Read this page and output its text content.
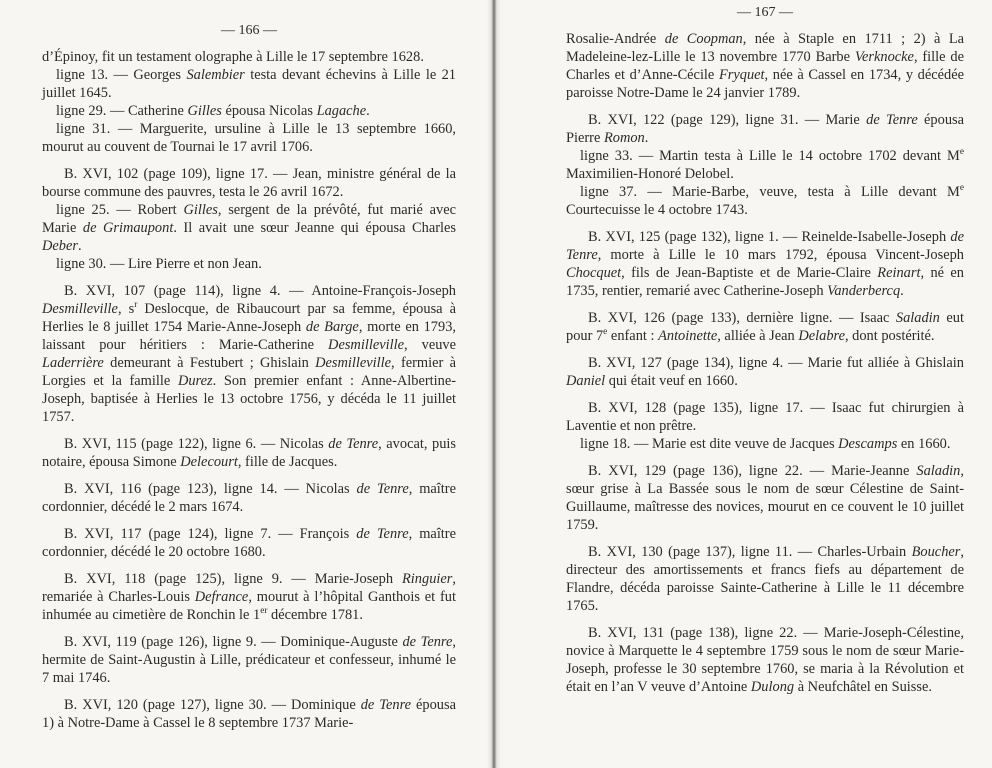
— 166 —

d’Épinoy, fit un testament olographe à Lille le 17 septembre 1628.

ligne 13. — Georges Salembier testa devant échevins à Lille le 21 juillet 1645.

ligne 29. — Catherine Gilles épousa Nicolas Lagache.

ligne 31. — Marguerite, ursuline à Lille le 13 septembre 1660, mourut au couvent de Tournai le 17 avril 1706.

B. XVI, 102 (page 109), ligne 17. — Jean, ministre général de la bourse commune des pauvres, testa le 26 avril 1672.

ligne 25. — Robert Gilles, sergent de la prévôté, fut marié avec Marie de Grimaupont. Il avait une sœur Jeanne qui épousa Charles Deber.

ligne 30. — Lire Pierre et non Jean.

B. XVI, 107 (page 114), ligne 4. — Antoine-François-Joseph Desmilleville, $s^r$ Deslocque, de Ribaucourt par sa femme, épousa à Herlies le 8 juillet 1754 Marie-Anne-Joseph de Barge, morte en 1793, laissant pour héritiers : Marie-Catherine Desmilleville, veuve Laderrière demeurant à Festubert ; Ghislain Desmilleville, fermier à Lorgies et la famille Durez. Son premier enfant : Anne-Albertine-Joseph, baptisée à Herlies le 13 octobre 1756, y décéda le 11 juillet 1757.

B. XVI, 115 (page 122), ligne 6. — Nicolas de Tenre, avocat, puis notaire, épousa Simone Delecourt, fille de Jacques.

B. XVI, 116 (page 123), ligne 14. — Nicolas de Tenre, maître cordonnier, décédé le 2 mars 1674.

B. XVI, 117 (page 124), ligne 7. — François de Tenre, maître cordonnier, décédé le 20 octobre 1680.

B. XVI, 118 (page 125), ligne 9. — Marie-Joseph Ringuier, remariée à Charles-Louis Defrance, mourut à l’hôpital Ganthois et fut inhumée au cimetière de Ronchin le 1er décembre 1781.

B. XVI, 119 (page 126), ligne 9. — Dominique-Auguste de Tenre, hermite de Saint-Augustin à Lille, prédicateur et confesseur, inhumé le 7 mai 1746.

B. XVI, 120 (page 127), ligne 30. — Dominique de Tenre épousa 1) à Notre-Dame à Cassel le 8 septembre 1737 Marie-

— 167 —

Rosalie-Andrée de Coopman, née à Staple en 1711 ; 2) à La Madeleine-lez-Lille le 13 novembre 1770 Barbe Verknocke, fille de Charles et d’Anne-Cécile Fryquet, née à Cassel en 1734, y décédée paroisse Notre-Dame le 24 janvier 1789.

B. XVI, 122 (page 129), ligne 31. — Marie de Tenre épousa Pierre Romon.

ligne 33. — Martin testa à Lille le 14 octobre 1702 devant Me Maximilien-Honoré Delobel.

ligne 37. — Marie-Barbe, veuve, testa à Lille devant Me Courtecuisse le 4 octobre 1743.

B. XVI, 125 (page 132), ligne 1. — Reinelde-Isabelle-Joseph de Tenre, morte à Lille le 10 mars 1792, épousa Vincent-Joseph Chocquet, fils de Jean-Baptiste et de Marie-Claire Reinart, né en 1735, rentier, remarié avec Catherine-Joseph Vanderbercq.

B. XVI, 126 (page 133), dernière ligne. — Isaac Saladin eut pour 7e enfant : Antoinette, alliée à Jean Delabre, dont postérité.

B. XVI, 127 (page 134), ligne 4. — Marie fut alliée à Ghislain Daniel qui était veuf en 1660.

B. XVI, 128 (page 135), ligne 17. — Isaac fut chirurgien à Laventie et non prêtre.

ligne 18. — Marie est dite veuve de Jacques Descamps en 1660.

B. XVI, 129 (page 136), ligne 22. — Marie-Jeanne Saladin, sœur grise à La Bassée sous le nom de sœur Célestine de Saint-Guillaume, maîtresse des novices, mourut en ce couvent le 10 juillet 1759.

B. XVI, 130 (page 137), ligne 11. — Charles-Urbain Boucher, directeur des amortissements et francs fiefs au département de Flandre, décéda paroisse Sainte-Catherine à Lille le 11 décembre 1765.

B. XVI, 131 (page 138), ligne 22. — Marie-Joseph-Célestine, novice à Marquette le 4 septembre 1759 sous le nom de sœur Marie-Joseph, professe le 30 septembre 1760, se maria à la Révolution et était en l’an V veuve d’Antoine Dulong à Neufchâtel en Suisse.
